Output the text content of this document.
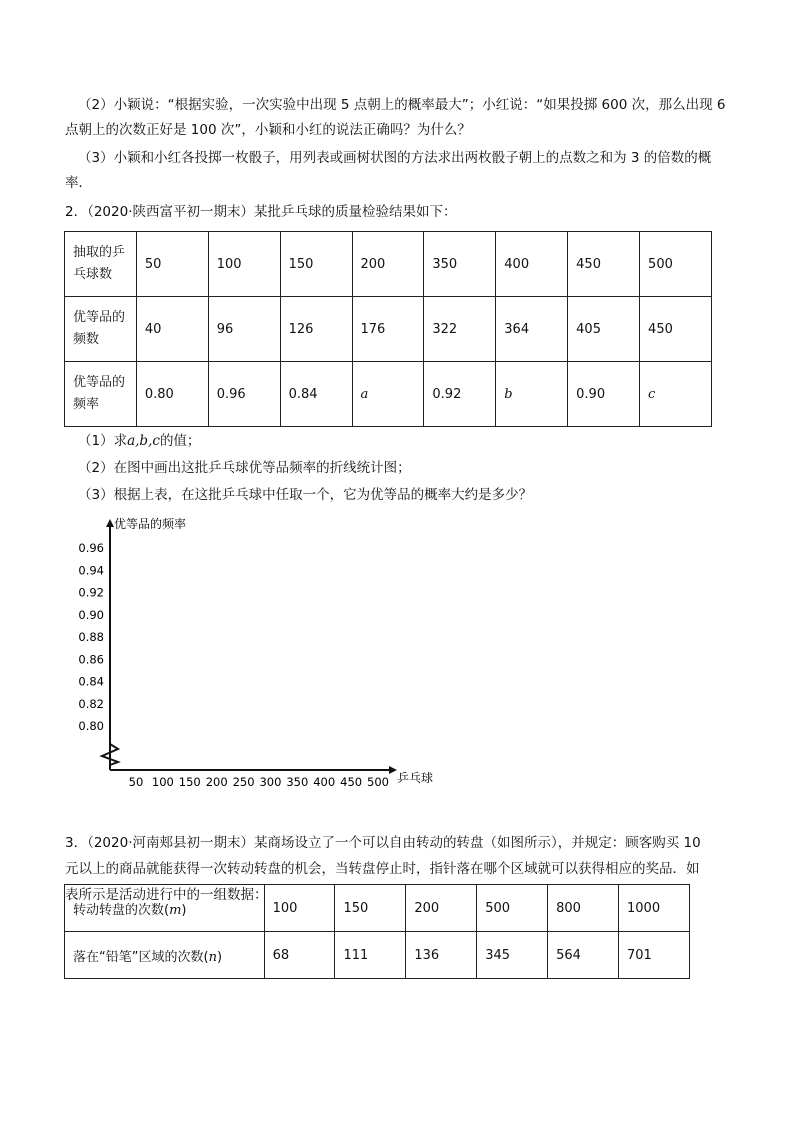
（2）小颖说：“根据实验，一次实验中出现 5 点朝上的概率最大”；小红说：“如果投掷 600 次，那么出现 6
点朝上的次数正好是 100 次”，小颖和小红的说法正确吗？为什么？
（3）小颖和小红各投掷一枚骰子，用列表或画树状图的方法求出两枚骰子朝上的点数之和为 3 的倍数的概
率．
2．（2020·陕西富平初一期末）某批乒乓球的质量检验结果如下：
抽取的乒乓球数	50	100	150	200	350	400	450	500
优等品的频数	40	96	126	176	322	364	405	450
优等品的频率	0.80	0.96	0.84	a	0.92	b	0.90	c
（1）求a,b,c的值；
（2）在图中画出这批乒乓球优等品频率的折线统计图；
（3）根据上表，在这批乒乓球中任取一个，它为优等品的概率大约是多少？
优等品的频率
乒乓球
0.96
0.94
0.92
0.90
0.88
0.86
0.84
0.82
0.80
50 100 150 200 250 300 350 400 450 500
3．（2020·河南郏县初一期末）某商场设立了一个可以自由转动的转盘（如图所示），并规定：顾客购买 10
元以上的商品就能获得一次转动转盘的机会，当转盘停止时，指针落在哪个区域就可以获得相应的奖品．如
表所示是活动进行中的一组数据：
转动转盘的次数(m)	100	150	200	500	800	1000
落在“铅笔”区域的次数(n)	68	111	136	345	564	701
